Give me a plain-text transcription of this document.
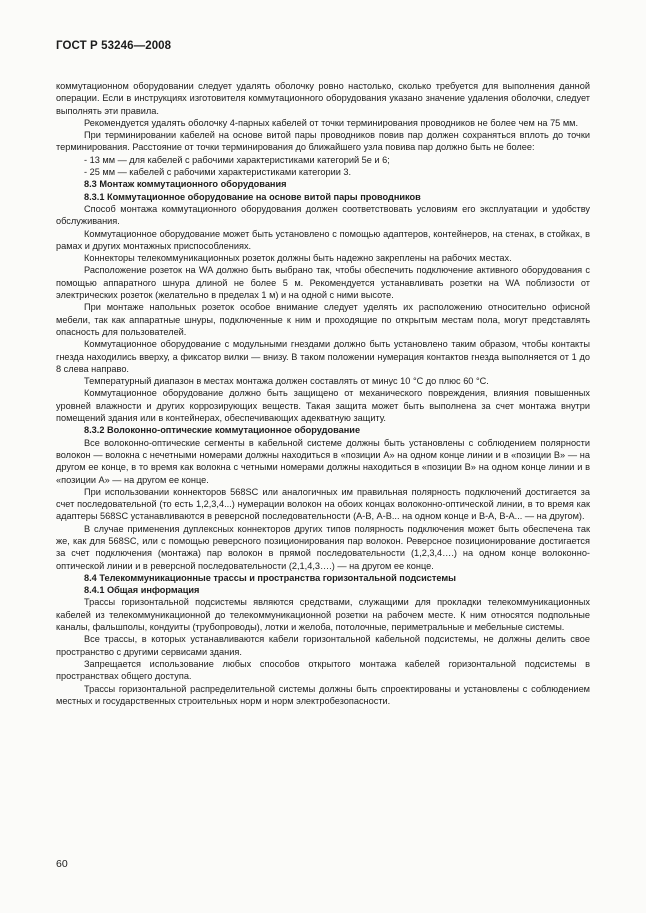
ГОСТ Р 53246—2008

коммутационном оборудовании следует удалять оболочку ровно настолько, сколько требуется для выполнения данной операции. Если в инструкциях изготовителя коммутационного оборудования указано значение удаления оболочки, следует выполнять эти правила.

Рекомендуется удалять оболочку 4-парных кабелей от точки терминирования проводников не более чем на 75 мм.

При терминировании кабелей на основе витой пары проводников повив пар должен сохраняться вплоть до точки терминирования. Расстояние от точки терминирования до ближайшего узла повива пар должно быть не более:

- 13 мм — для кабелей с рабочими характеристиками категорий 5е и 6;

- 25 мм — кабелей с рабочими характеристиками категории 3.

8.3 Монтаж коммутационного оборудования

8.3.1 Коммутационное оборудование на основе витой пары проводников

Способ монтажа коммутационного оборудования должен соответствовать условиям его эксплуатации и удобству обслуживания.

Коммутационное оборудование может быть установлено с помощью адаптеров, контейнеров, на стенах, в стойках, в рамах и других монтажных приспособлениях.

Коннекторы телекоммуникационных розеток должны быть надежно закреплены на рабочих местах.

Расположение розеток на WA должно быть выбрано так, чтобы обеспечить подключение активного оборудования с помощью аппаратного шнура длиной не более 5 м. Рекомендуется устанавливать розетки на WA поблизости от электрических розеток (желательно в пределах 1 м) и на одной с ними высоте.

При монтаже напольных розеток особое внимание следует уделять их расположению относительно офисной мебели, так как аппаратные шнуры, подключенные к ним и проходящие по открытым местам пола, могут представлять опасность для пользователей.

Коммутационное оборудование с модульными гнездами должно быть установлено таким образом, чтобы контакты гнезда находились вверху, а фиксатор вилки — внизу. В таком положении нумерация контактов гнезда выполняется от 1 до 8 слева направо.

Температурный диапазон в местах монтажа должен составлять от минус 10 °С до плюс 60 °С.

Коммутационное оборудование должно быть защищено от механического повреждения, влияния повышенных уровней влажности и других коррозирующих веществ. Такая защита может быть выполнена за счет монтажа внутри помещений здания или в контейнерах, обеспечивающих адекватную защиту.

8.3.2 Волоконно-оптические коммутационное оборудование

Все волоконно-оптические сегменты в кабельной системе должны быть установлены с соблюдением полярности волокон — волокна с нечетными номерами должны находиться в «позиции А» на одном конце линии и в «позиции В» — на другом ее конце, в то время как волокна с четными номерами должны находиться в «позиции В» на одном конце линии и в «позиции А» — на другом ее конце.

При использовании коннекторов 568SC или аналогичных им правильная полярность подключений достигается за счет последовательной (то есть 1,2,3,4...) нумерации волокон на обоих концах волоконно-оптической линии, в то время как адаптеры 568SC устанавливаются в реверсной последовательности (А-В, А-В... на одном конце и В-А, В-А... — на другом).

В случае применения дуплексных коннекторов других типов полярность подключения может быть обеспечена так же, как для 568SC, или с помощью реверсного позиционирования пар волокон. Реверсное позиционирование достигается за счет подключения (монтажа) пар волокон в прямой последовательности (1,2,3,4….) на одном конце волоконно-оптической линии и в реверсной последовательности (2,1,4,3….) — на другом ее конце.

8.4 Телекоммуникационные трассы и пространства горизонтальной подсистемы

8.4.1 Общая информация

Трассы горизонтальной подсистемы являются средствами, служащими для прокладки телекоммуникационных кабелей из телекоммуникационной до телекоммуникационной розетки на рабочем месте. К ним относятся подпольные каналы, фальшполы, кондуиты (трубопроводы), лотки и желоба, потолочные, периметральные и мебельные системы.

Все трассы, в которых устанавливаются кабели горизонтальной кабельной подсистемы, не должны делить свое пространство с другими сервисами здания.

Запрещается использование любых способов открытого монтажа кабелей горизонтальной подсистемы в пространствах общего доступа.

Трассы горизонтальной распределительной системы должны быть спроектированы и установлены с соблюдением местных и государственных строительных норм и норм электробезопасности.

60
